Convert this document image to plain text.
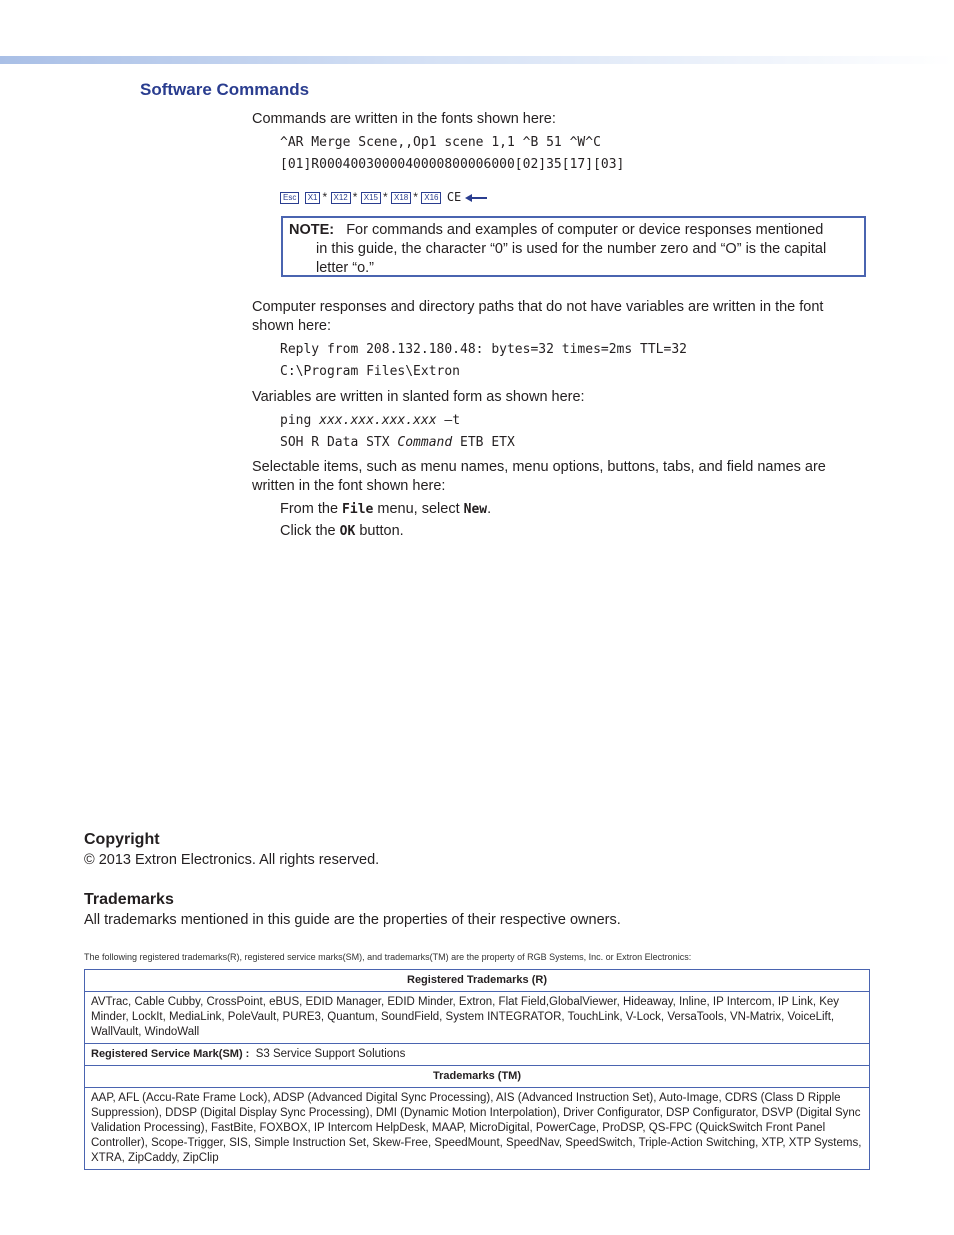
Software Commands
Commands are written in the fonts shown here:
^AR Merge Scene,,Op1 scene 1,1 ^B 51 ^W^C
[01]R0004003000040000800006000[02]35[17][03]
Esc X1 * X12 * X15 * X18 * X16 CE
NOTE: For commands and examples of computer or device responses mentioned
in this guide, the character “0” is used for the number zero and “O” is the capital
letter “o.”
Computer responses and directory paths that do not have variables are written in the font
shown here:
Reply from 208.132.180.48: bytes=32 times=2ms TTL=32
C:\Program Files\Extron
Variables are written in slanted form as shown here:
ping xxx.xxx.xxx.xxx —t
SOH R Data STX Command ETB ETX
Selectable items, such as menu names, menu options, buttons, tabs, and field names are
written in the font shown here:
From the File menu, select New.
Click the OK button.
Copyright
© 2013 Extron Electronics. All rights reserved.
Trademarks
All trademarks mentioned in this guide are the properties of their respective owners.
The following registered trademarks(R), registered service marks(SM), and trademarks(TM) are the property of RGB Systems, Inc. or Extron Electronics:
Registered Trademarks (R)
AVTrac, Cable Cubby, CrossPoint, eBUS, EDID Manager, EDID Minder, Extron, Flat Field,GlobalViewer, Hideaway, Inline, IP Intercom, IP Link, Key Minder, LockIt, MediaLink, PoleVault, PURE3, Quantum, SoundField, System INTEGRATOR, TouchLink, V-Lock, VersaTools, VN-Matrix, VoiceLift, WallVault, WindoWall
Registered Service Mark(SM) : S3 Service Support Solutions
Trademarks (TM)
AAP, AFL (Accu-Rate Frame Lock), ADSP (Advanced Digital Sync Processing), AIS (Advanced Instruction Set), Auto-Image, CDRS (Class D Ripple Suppression), DDSP (Digital Display Sync Processing), DMI (Dynamic Motion Interpolation), Driver Configurator, DSP Configurator, DSVP (Digital Sync Validation Processing), FastBite, FOXBOX, IP Intercom HelpDesk, MAAP, MicroDigital, PowerCage, ProDSP, QS-FPC (QuickSwitch Front Panel Controller), Scope-Trigger, SIS, Simple Instruction Set, Skew-Free, SpeedMount, SpeedNav, SpeedSwitch, Triple-Action Switching, XTP, XTP Systems, XTRA, ZipCaddy, ZipClip
